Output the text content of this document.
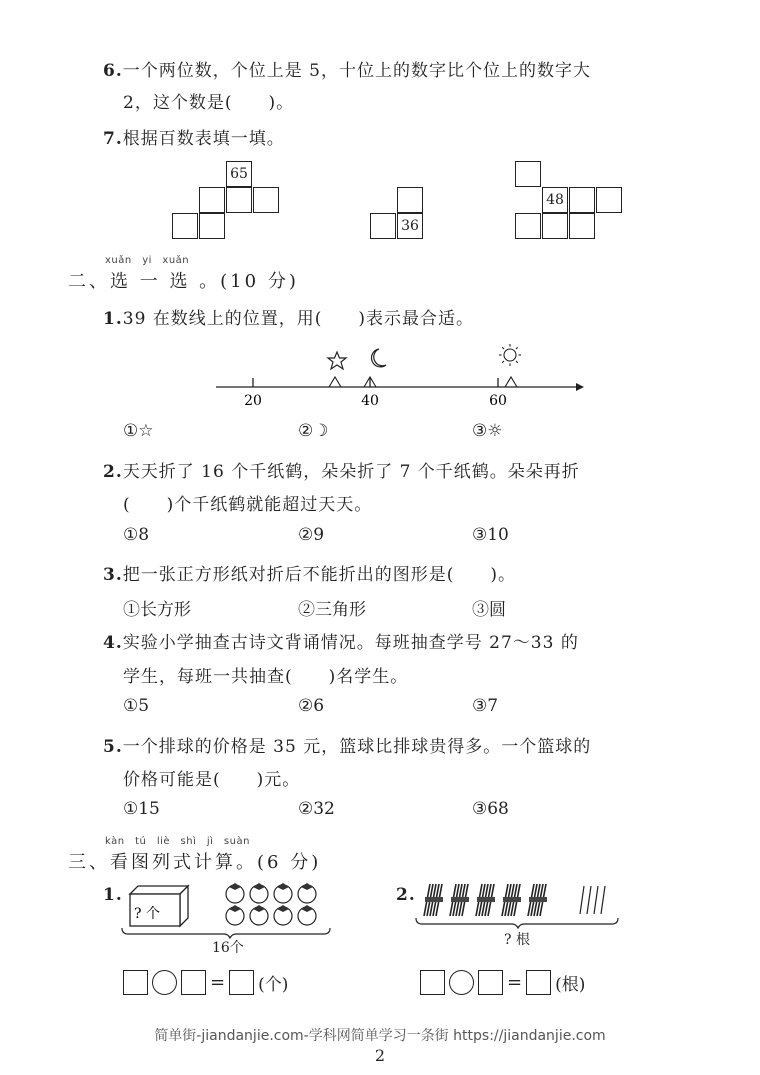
6.一个两位数，个位上是 5，十位上的数字比个位上的数字大
2，这个数是(　　)。
7.根据百数表填一填。
65
36
48
xuǎn　yi　xuǎn
二、选 一 选 。(10 分)
1.39 在数线上的位置，用(　　)表示最合适。
20	40	60
①☆	②☽	③☼
2.天天折了 16 个千纸鹤，朵朵折了 7 个千纸鹤。朵朵再折
(　　)个千纸鹤就能超过天天。
①8	②9	③10
3.把一张正方形纸对折后不能折出的图形是(　　)。
①长方形	②三角形	③圆
4.实验小学抽查古诗文背诵情况。每班抽查学号 27～33 的
学生，每班一共抽查(　　)名学生。
①5	②6	③7
5.一个排球的价格是 35 元，篮球比排球贵得多。一个篮球的
价格可能是(　　)元。
①15	②32	③68
kàn　tú　liè　shì　jì　suàn
三、看图列式计算。(6 分)
1.
? 个
16个
= (个)
2.
? 根
= (根)
简单街-jiandanjie.com-学科网简单学习一条街 https://jiandanjie.com
2
